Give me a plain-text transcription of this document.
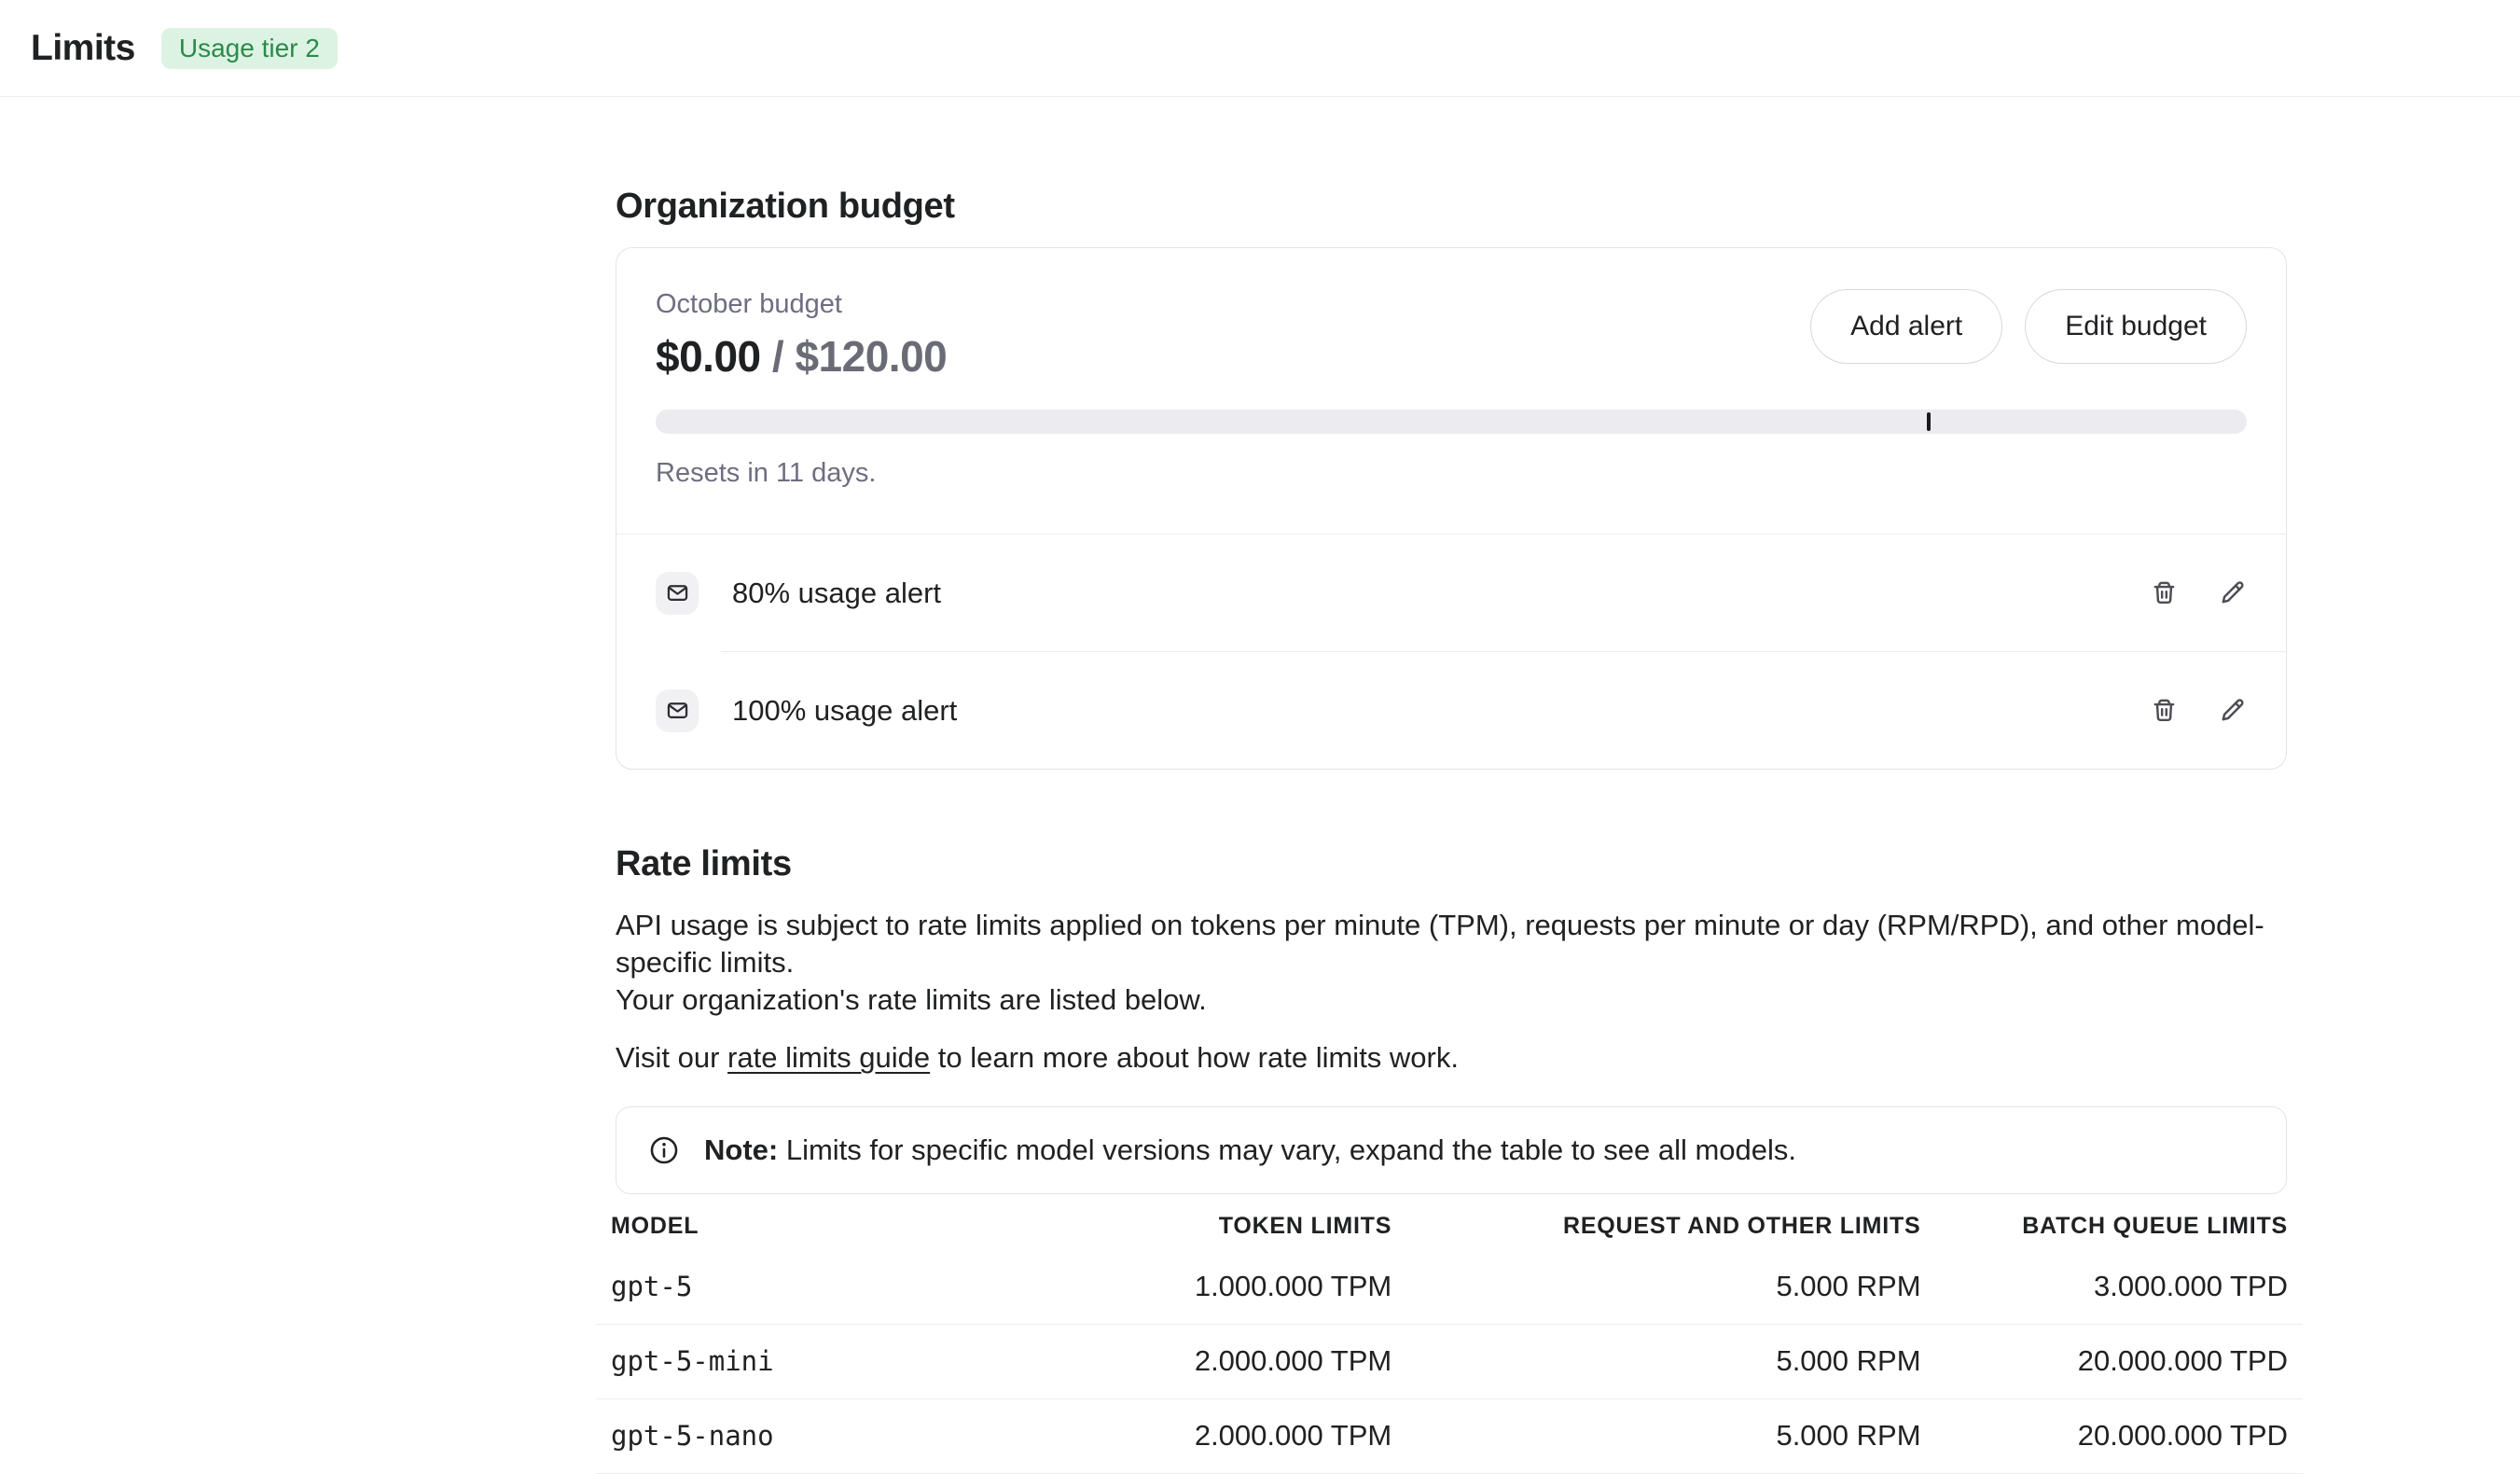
Limits	Usage tier 2
Organization budget
October budget
$0.00 / $120.00
Add alert	Edit budget
Resets in 11 days.
80% usage alert
100% usage alert
Rate limits

API usage is subject to rate limits applied on tokens per minute (TPM), requests per minute or day (RPM/RPD), and other model-specific limits.
Your organization's rate limits are listed below.

Visit our rate limits guide to learn more about how rate limits work.

Note: Limits for specific model versions may vary, expand the table to see all models.

MODEL	TOKEN LIMITS	REQUEST AND OTHER LIMITS	BATCH QUEUE LIMITS
gpt-5	1.000.000 TPM	5.000 RPM	3.000.000 TPD
gpt-5-mini	2.000.000 TPM	5.000 RPM	20.000.000 TPD
gpt-5-nano	2.000.000 TPM	5.000 RPM	20.000.000 TPD
